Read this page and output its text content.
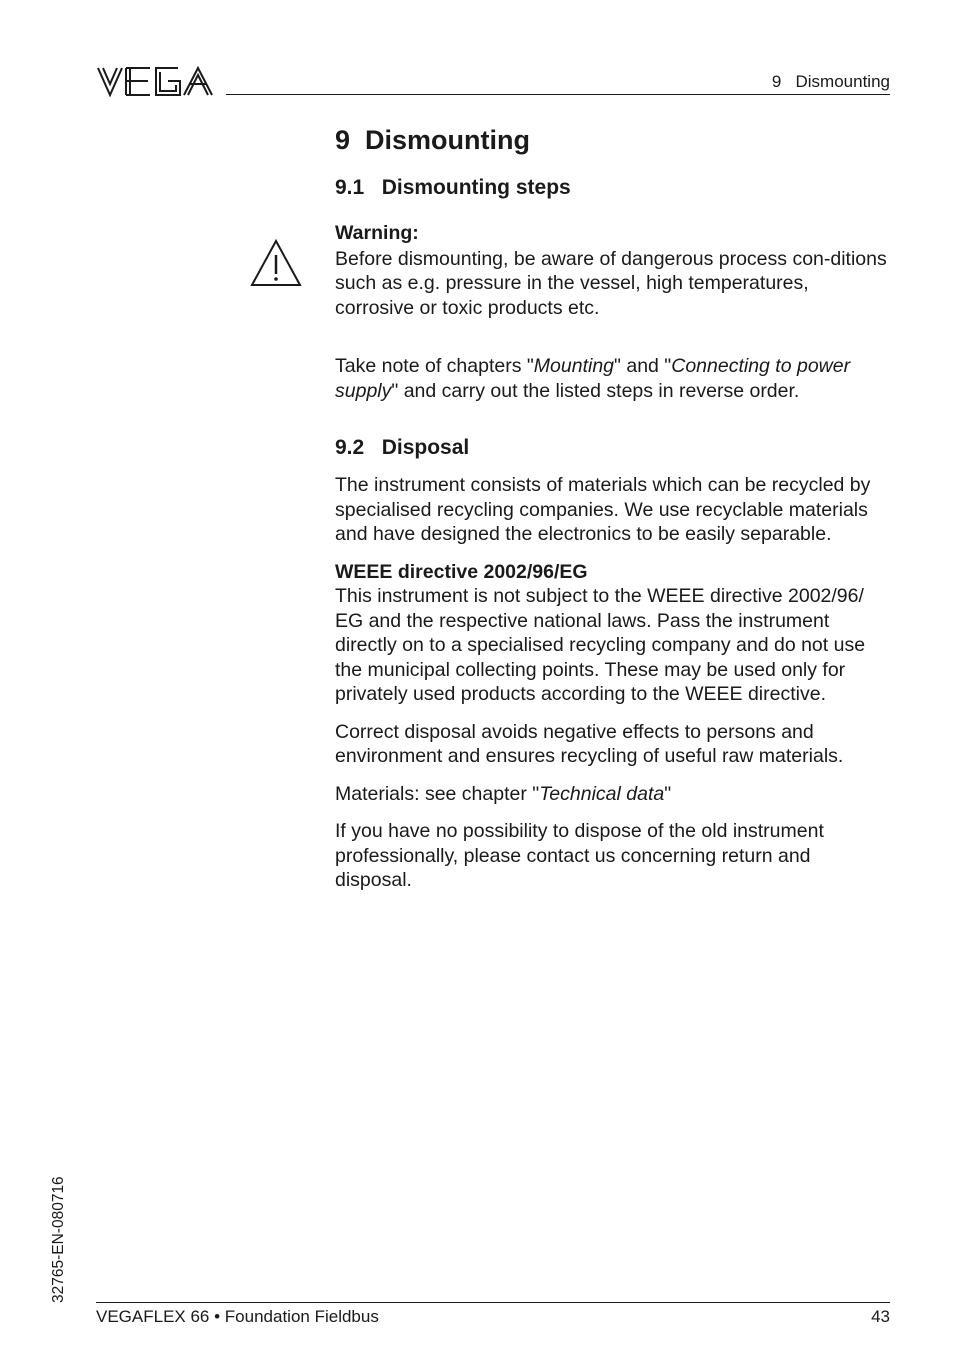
VEGA
9   Dismounting
9  Dismounting
9.1   Dismounting steps
Warning:

Before dismounting, be aware of dangerous process con-ditions such as e.g. pressure in the vessel, high temperatures, corrosive or toxic products etc.

Take note of chapters "Mounting" and "Connecting to power supply" and carry out the listed steps in reverse order.

9.2   Disposal

The instrument consists of materials which can be recycled by specialised recycling companies. We use recyclable materials and have designed the electronics to be easily separable.

WEEE directive 2002/96/EG

This instrument is not subject to the WEEE directive 2002/96/ EG and the respective national laws. Pass the instrument directly on to a specialised recycling company and do not use the municipal collecting points. These may be used only for privately used products according to the WEEE directive.

Correct disposal avoids negative effects to persons and environment and ensures recycling of useful raw materials.

Materials: see chapter "Technical data"

If you have no possibility to dispose of the old instrument professionally, please contact us concerning return and disposal.

32765-EN-080716
VEGAFLEX 66 • Foundation Fieldbus	43
